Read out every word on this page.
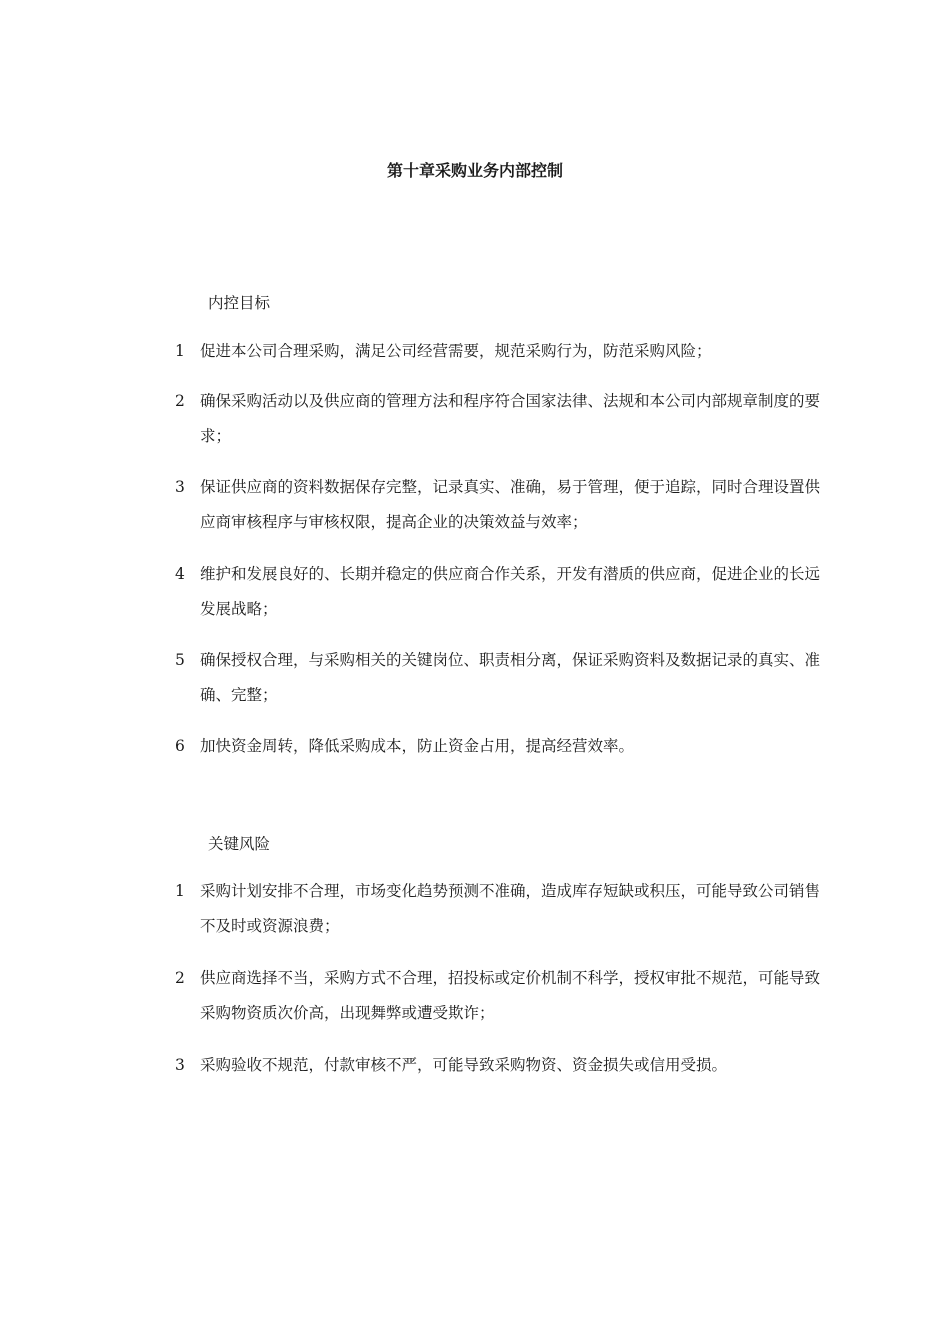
第十章采购业务内部控制
内控目标
1 促进本公司合理采购，满足公司经营需要，规范采购行为，防范采购风险；
2 确保采购活动以及供应商的管理方法和程序符合国家法律、法规和本公司内部规章制度的要求；
3 保证供应商的资料数据保存完整，记录真实、准确，易于管理，便于追踪，同时合理设置供应商审核程序与审核权限，提高企业的决策效益与效率；
4 维护和发展良好的、长期并稳定的供应商合作关系，开发有潜质的供应商，促进企业的长远发展战略；
5 确保授权合理，与采购相关的关键岗位、职责相分离，保证采购资料及数据记录的真实、准确、完整；
6 加快资金周转，降低采购成本，防止资金占用，提高经营效率。
关键风险
1 采购计划安排不合理，市场变化趋势预测不准确，造成库存短缺或积压，可能导致公司销售不及时或资源浪费；
2 供应商选择不当，采购方式不合理，招投标或定价机制不科学，授权审批不规范，可能导致采购物资质次价高，出现舞弊或遭受欺诈；
3 采购验收不规范，付款审核不严，可能导致采购物资、资金损失或信用受损。
